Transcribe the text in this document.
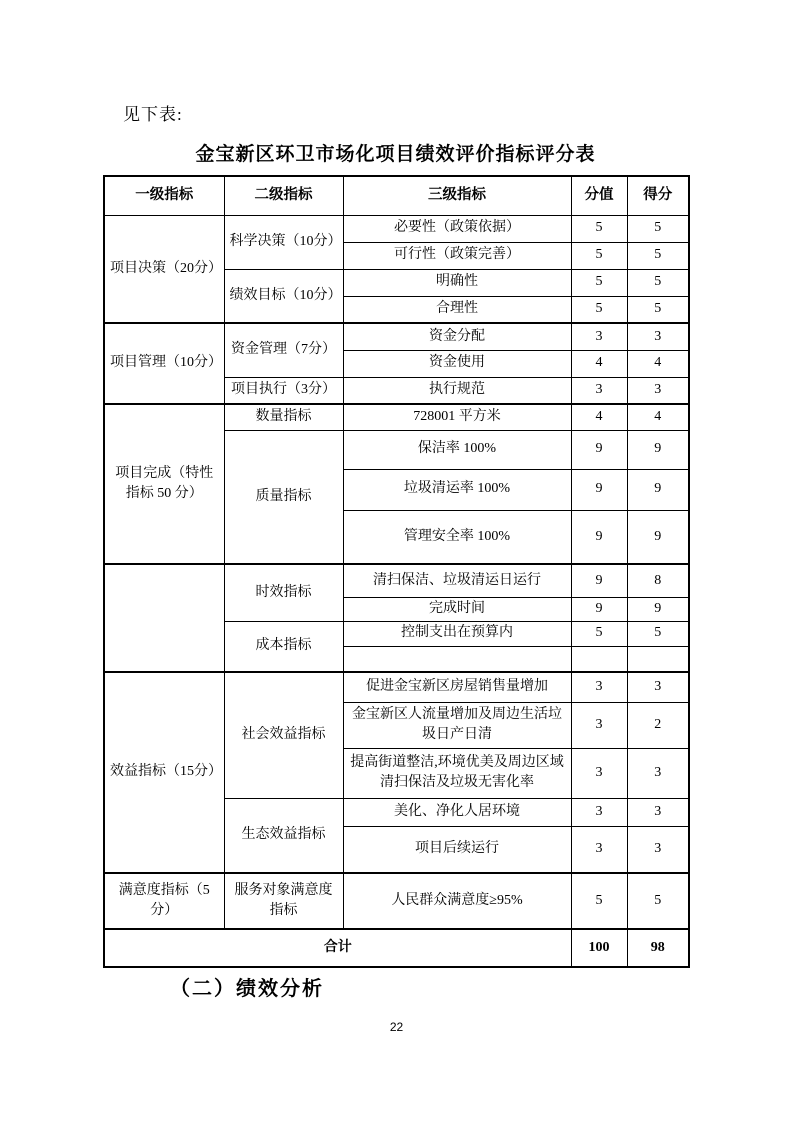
见下表:

金宝新区环卫市场化项目绩效评价指标评分表
一级指标	二级指标	三级指标	分值	得分
项目决策（20分）	科学决策（10分）	必要性（政策依据）	5	5
		可行性（政策完善）	5	5
	绩效目标（10分）	明确性	5	5
		合理性	5	5
项目管理（10分）	资金管理（7分）	资金分配	3	3
		资金使用	4	4
	项目执行（3分）	执行规范	3	3
项目完成（特性指标 50 分）	数量指标	728001 平方米	4	4
	质量指标	保洁率 100%	9	9
		垃圾清运率 100%	9	9
		管理安全率 100%	9	9
	时效指标	清扫保洁、垃圾清运日运行	9	8
		完成时间	9	9
	成本指标	控制支出在预算内	5	5

效益指标（15分）	社会效益指标	促进金宝新区房屋销售量增加	3	3
		金宝新区人流量增加及周边生活垃圾日产日清	3	2
		提高街道整洁,环境优美及周边区域清扫保洁及垃圾无害化率	3	3
	生态效益指标	美化、净化人居环境	3	3
		项目后续运行	3	3
满意度指标（5分）	服务对象满意度指标	人民群众满意度≥95%	5	5
合计			100	98
（二）绩效分析
22
